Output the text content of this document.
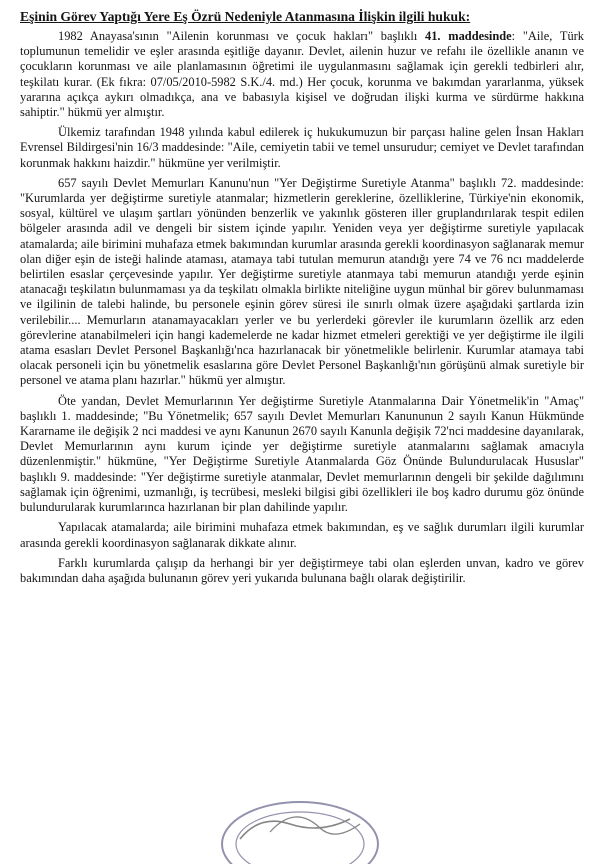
Eşinin Görev Yaptığı Yere Eş Özrü Nedeniyle Atanmasına İlişkin ilgili hukuk:

1982 Anayasa'sının "Ailenin korunması ve çocuk hakları" başlıklı 41. maddesinde: "Aile, Türk toplumunun temelidir ve eşler arasında eşitliğe dayanır. Devlet, ailenin huzur ve refahı ile özellikle ananın ve çocukların korunması ve aile planlamasının öğretimi ile uygulanmasını sağlamak için gerekli tedbirleri alır, teşkilatı kurar. (Ek fıkra: 07/05/2010-5982 S.K./4. md.) Her çocuk, korunma ve bakımdan yararlanma, yüksek yararına açıkça aykırı olmadıkça, ana ve babasıyla kişisel ve doğrudan ilişki kurma ve sürdürme hakkına sahiptir." hükmü yer almıştır.

Ülkemiz tarafından 1948 yılında kabul edilerek iç hukukumuzun bir parçası haline gelen İnsan Hakları Evrensel Bildirgesi'nin 16/3 maddesinde: "Aile, cemiyetin tabii ve temel unsurudur; cemiyet ve Devlet tarafından korunmak hakkını haizdir." hükmüne yer verilmiştir.

657 sayılı Devlet Memurları Kanunu'nun "Yer Değiştirme Suretiyle Atanma" başlıklı 72. maddesinde: "Kurumlarda yer değiştirme suretiyle atanmalar; hizmetlerin gereklerine, özelliklerine, Türkiye'nin ekonomik, sosyal, kültürel ve ulaşım şartları yönünden benzerlik ve yakınlık gösteren iller gruplandırılarak tespit edilen bölgeler arasında adil ve dengeli bir sistem içinde yapılır. Yeniden veya yer değiştirme suretiyle yapılacak atamalarda; aile birimini muhafaza etmek bakımından kurumlar arasında gerekli koordinasyon sağlanarak memur olan diğer eşin de isteği halinde ataması, atamaya tabi tutulan memurun atandığı yere 74 ve 76 ncı maddelerde belirtilen esaslar çerçevesinde yapılır. Yer değiştirme suretiyle atanmaya tabi memurun atandığı yerde eşinin atanacağı teşkilatın bulunmaması ya da teşkilatı olmakla birlikte niteliğine uygun münhal bir görev bulunmaması ve ilgilinin de talebi halinde, bu personele eşinin görev süresi ile sınırlı olmak üzere aşağıdaki şartlarda izin verilebilir.... Memurların atanamayacakları yerler ve bu yerlerdeki görevler ile kurumların özellik arz eden görevlerine atanabilmeleri için hangi kademelerde ne kadar hizmet etmeleri gerektiği ve yer değiştirme ile ilgili atama esasları Devlet Personel Başkanlığı'nca hazırlanacak bir yönetmelikle belirlenir. Kurumlar atamaya tabi olacak personeli için bu yönetmelik esaslarına göre Devlet Personel Başkanlığı'nın görüşünü almak suretiyle bir personel ve atama planı hazırlar." hükmü yer almıştır.

Öte yandan, Devlet Memurlarının Yer değiştirme Suretiyle Atanmalarına Dair Yönetmelik'in "Amaç" başlıklı 1. maddesinde; "Bu Yönetmelik; 657 sayılı Devlet Memurları Kanununun 2 sayılı Kanun Hükmünde Kararname ile değişik 2 nci maddesi ve aynı Kanunun 2670 sayılı Kanunla değişik 72'nci maddesine dayanılarak, Devlet Memurlarının aynı kurum içinde yer değiştirme suretiyle atanmalarını sağlamak amacıyla düzenlenmiştir." hükmüne, "Yer Değiştirme Suretiyle Atanmalarda Göz Önünde Bulundurulacak Hususlar" başlıklı 9. maddesinde: "Yer değiştirme suretiyle atanmalar, Devlet memurlarının dengeli bir şekilde dağılımını sağlamak için öğrenimi, uzmanlığı, iş tecrübesi, mesleki bilgisi gibi özellikleri ile boş kadro durumu göz önünde bulundurularak kurumlarınca hazırlanan bir plan dahilinde yapılır.

Yapılacak atamalarda; aile birimini muhafaza etmek bakımından, eş ve sağlık durumları ilgili kurumlar arasında gerekli koordinasyon sağlanarak dikkate alınır.

Farklı kurumlarda çalışıp da herhangi bir yer değiştirmeye tabi olan eşlerden unvan, kadro ve görev bakımından daha aşağıda bulunanın görev yeri yukarıda bulunana bağlı olarak değiştirilir.
